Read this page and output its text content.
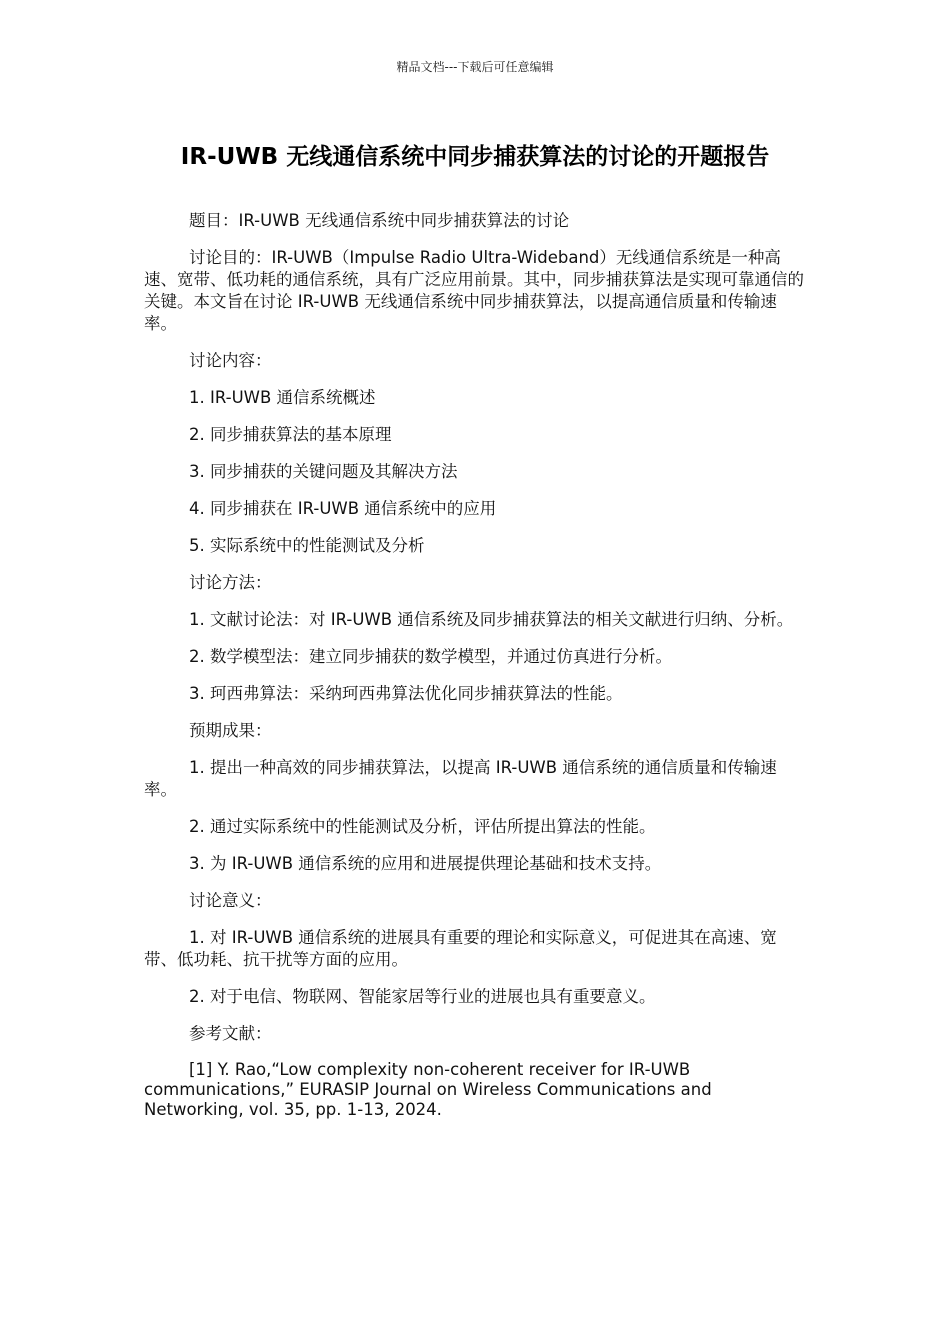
精品文档---下载后可任意编辑
IR-UWB 无线通信系统中同步捕获算法的讨论的开题报告

题目：IR-UWB 无线通信系统中同步捕获算法的讨论

讨论目的：IR-UWB（Impulse Radio Ultra-Wideband）无线通信系统是一种高速、宽带、低功耗的通信系统，具有广泛应用前景。其中，同步捕获算法是实现可靠通信的关键。本文旨在讨论 IR-UWB 无线通信系统中同步捕获算法，以提高通信质量和传输速率。

讨论内容：

1. IR-UWB 通信系统概述

2. 同步捕获算法的基本原理

3. 同步捕获的关键问题及其解决方法

4. 同步捕获在 IR-UWB 通信系统中的应用

5. 实际系统中的性能测试及分析

讨论方法：

1. 文献讨论法：对 IR-UWB 通信系统及同步捕获算法的相关文献进行归纳、分析。

2. 数学模型法：建立同步捕获的数学模型，并通过仿真进行分析。

3. 珂西弗算法：采纳珂西弗算法优化同步捕获算法的性能。

预期成果：

1. 提出一种高效的同步捕获算法，以提高 IR-UWB 通信系统的通信质量和传输速率。

2. 通过实际系统中的性能测试及分析，评估所提出算法的性能。

3. 为 IR-UWB 通信系统的应用和进展提供理论基础和技术支持。

讨论意义：

1. 对 IR-UWB 通信系统的进展具有重要的理论和实际意义，可促进其在高速、宽带、低功耗、抗干扰等方面的应用。

2. 对于电信、物联网、智能家居等行业的进展也具有重要意义。

参考文献：

[1] Y. Rao,“Low complexity non-coherent receiver for IR-UWB communications,” EURASIP Journal on Wireless Communications and Networking, vol. 35, pp. 1-13, 2024.
